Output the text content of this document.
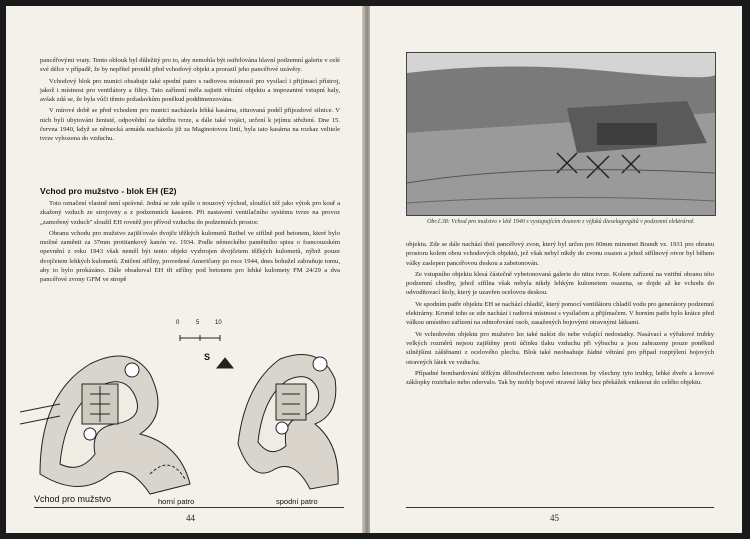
pancéřovými vraty. Tento oblouk byl důležitý pro to, aby nemohla být ostřelována hlavní podzemní galerie v celé své délce v případě, že by nepřítel pronikl před vchodový objekt a prorazil jeho pancéřové uzávěry.

Vchodový blok pro munici obsahuje také spodní patro s radiovou místností pro vysílací i přijímací přístroj, jakož i místnost pro ventilátory a filtry. Tato zařízení měla zajistit větrání objektu a impozantní vstupní haly, avšak zdá se, že byla vůči těmto požadavkům poněkud poddimenzována.

V mírové době se před vchodem pro munici nacházela lehká kasárna, situovaná podél příjezdové silnice. V nich byli ubytováni ženisté, odpovědní za údržbu tvrze, a dále také vojáci, určení k jejímu střežení. Dne 15. června 1940, když se německá armáda nacházela již za Maginotovou linií, byla tato kasárna na rozkaz velitele tvrze vyhozena do vzduchu.

Vchod pro mužstvo - blok EH (E2)

Toto označení vlastně není správné. Jedná se zde spíše o nouzový východ, sloužící též jako výtok pro kouř a zkažený vzduch ze strojovny a z podzemních kasáren. Při nastavení ventilačního systému tvrze na provoz „zamořený vzduch" sloužil EH rovněž pro přívod vzduchu do podzemních prostor.

Obranu vchodu pro mužstvo zajišťovalo dvojče těžkých kulometů Reibel ve střílně pod betonem, které bylo možné zaměnit za 37mm protitankový kanón vz. 1934. Podle německého pamětního spisu o francouzském opevnění z roku 1943 však neměl být tento objekt vyzbrojen dvojčetem těžkých kulometů, nýbrž pouze dvojčetem lehkých kulometů. Zničení střílny, provedené Američany po roce 1944, dnes bohužel zabraňuje tomu, aby to bylo prokázáno. Dále obsahoval EH tři střílny pod betonem pro lehké kulomety FM 24/29 a dva pancéřové zvony GFM ve stropě

0	5	10
S
Vchod pro mužstvo	horní patro	spodní patro
44
Obr.č.38: Vchod pro mužstvo v létě 1940 s vystupujícím dvanem z výfuků dieselagregátů v podzemní elektrárně.

objektu. Zde se dále nachází třetí pancéřový zvon, který byl určen pro 60mm minomet Brandt vz. 1931 pro obranu prostoru kolem obou vchodových objektů, jež však nebyl nikdy do zvonu osazen a jehož střílnový otvor byl během války zaslepen pancéřovou deskou a zabetonován.

Ze vstupního objektu klesá částečně vybetonovaná galerie do nitra tvrze. Kolem zařízení na vnitřní obranu této podzemní chodby, jehož střílna však nebyla nikdy lehkým kulometem osazena, se dojde až ke vchodu do odvodňovací štoly, který je uzavřen ocelovou deskou.

Ve spodním patře objektu EH se nachází chladič, který pomocí ventilátoru chladil vodu pro generátory podzemní elektrárny. Kromě toho se zde nachází i radiová místnost s vysílačem a přijímačem. V horním patře bylo krátce před válkou umístěno zařízení na odmořování osob, zasažených bojovými otravnými látkami.

Ve vchodovém objektu pro mužstvo lze také nalézt do nebe volající nedostatky. Nasávací a výfukové trubky velkých rozměrů nejsou zajištěny proti účinku tlaku vzduchu při výbuchu a jsou zahrazeny pouze poněkud silnějšími záštěnami z ocelového plechu. Blok také neobsahuje žádné větrání pro případ rozptýlení bojových otravných látek ve vzduchu.

Případné bombardování těžkým dělostřelectvem nebo letectvem by všechny tyto trubky, lehké dveře a kovové záklopky roztrhalo nebo odervalo. Tak by mohly bojové otravné látky bez překážek vniknout do celého objektu.

45
